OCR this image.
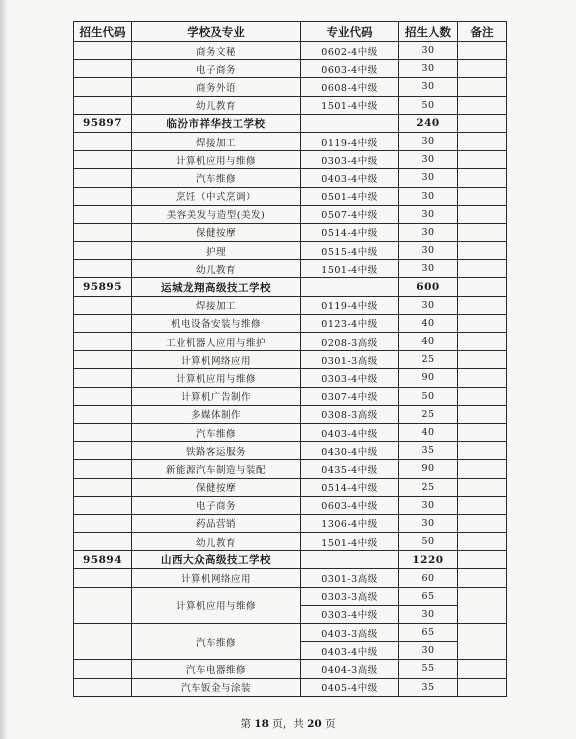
招生代码	学校及专业	专业代码	招生人数	备注
	商务文秘	0602-4中级	30	
	电子商务	0603-4中级	30	
	商务外语	0608-4中级	30	
	幼儿教育	1501-4中级	50	
95897	临汾市祥华技工学校		240	
	焊接加工	0119-4中级	30	
	计算机应用与维修	0303-4中级	30	
	汽车维修	0403-4中级	30	
	烹饪（中式烹调）	0501-4中级	30	
	美容美发与造型(美发)	0507-4中级	30	
	保健按摩	0514-4中级	30	
	护理	0515-4中级	30	
	幼儿教育	1501-4中级	30	
95895	运城龙翔高级技工学校		600	
	焊接加工	0119-4中级	30	
	机电设备安装与维修	0123-4中级	40	
	工业机器人应用与维护	0208-3高级	40	
	计算机网络应用	0301-3高级	25	
	计算机应用与维修	0303-4中级	90	
	计算机广告制作	0307-4中级	50	
	多媒体制作	0308-3高级	25	
	汽车维修	0403-4中级	40	
	铁路客运服务	0430-4中级	35	
	新能源汽车制造与装配	0435-4中级	90	
	保健按摩	0514-4中级	25	
	电子商务	0603-4中级	30	
	药品营销	1306-4中级	30	
	幼儿教育	1501-4中级	50	
95894	山西大众高级技工学校		1220	
	计算机网络应用	0301-3高级	60	
	计算机应用与维修	0303-3高级	65	
		0303-4中级	30	
	汽车维修	0403-3高级	65	
		0403-4中级	30	
	汽车电器维修	0404-3高级	55	
	汽车钣金与涂装	0405-4中级	35	
第 18 页，共 20 页
